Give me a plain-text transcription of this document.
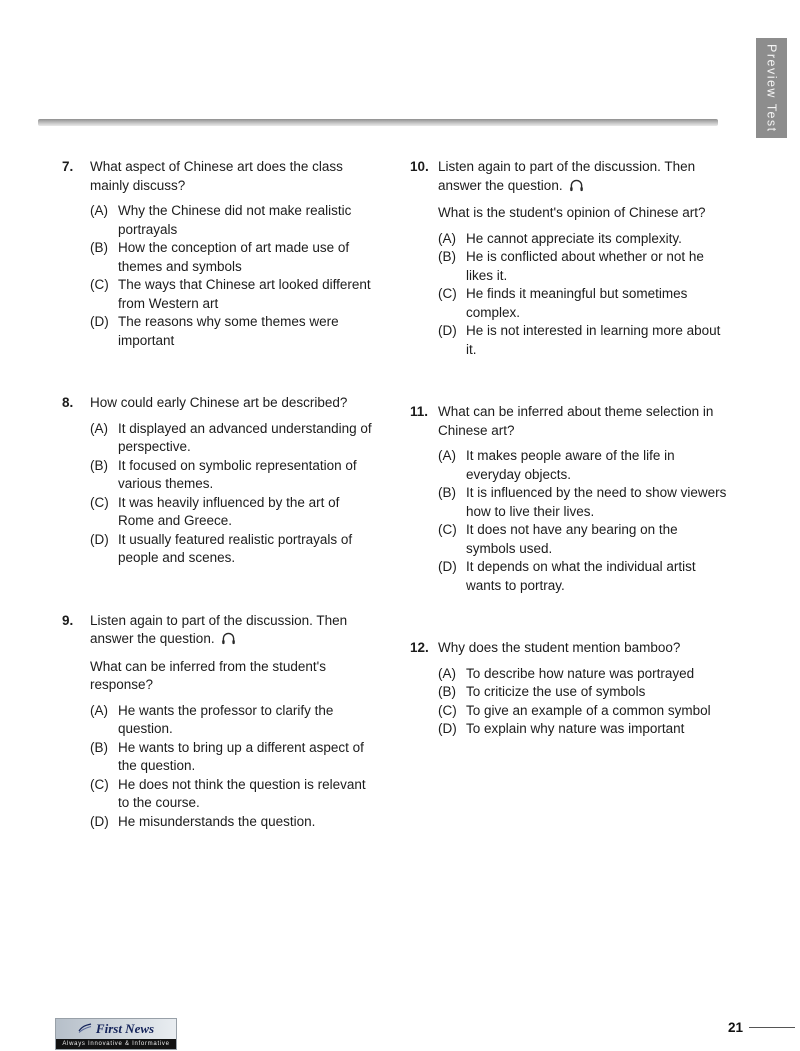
Preview Test
7.	What aspect of Chinese art does the class mainly discuss?
(A) Why the Chinese did not make realistic portrayals
(B) How the conception of art made use of themes and symbols
(C) The ways that Chinese art looked different from Western art
(D) The reasons why some themes were important
8.	How could early Chinese art be described?
(A) It displayed an advanced understanding of perspective.
(B) It focused on symbolic representation of various themes.
(C) It was heavily influenced by the art of Rome and Greece.
(D) It usually featured realistic portrayals of people and scenes.
9.	Listen again to part of the discussion. Then answer the question.
What can be inferred from the student's response?
(A) He wants the professor to clarify the question.
(B) He wants to bring up a different aspect of the question.
(C) He does not think the question is relevant to the course.
(D) He misunderstands the question.
10. Listen again to part of the discussion. Then answer the question.
What is the student's opinion of Chinese art?
(A) He cannot appreciate its complexity.
(B) He is conflicted about whether or not he likes it.
(C) He finds it meaningful but sometimes complex.
(D) He is not interested in learning more about it.
11. What can be inferred about theme selection in Chinese art?
(A) It makes people aware of the life in everyday objects.
(B) It is influenced by the need to show viewers how to live their lives.
(C) It does not have any bearing on the symbols used.
(D) It depends on what the individual artist wants to portray.
12. Why does the student mention bamboo?
(A) To describe how nature was portrayed
(B) To criticize the use of symbols
(C) To give an example of a common symbol
(D) To explain why nature was important
First News
Always Innovative & Informative
21
